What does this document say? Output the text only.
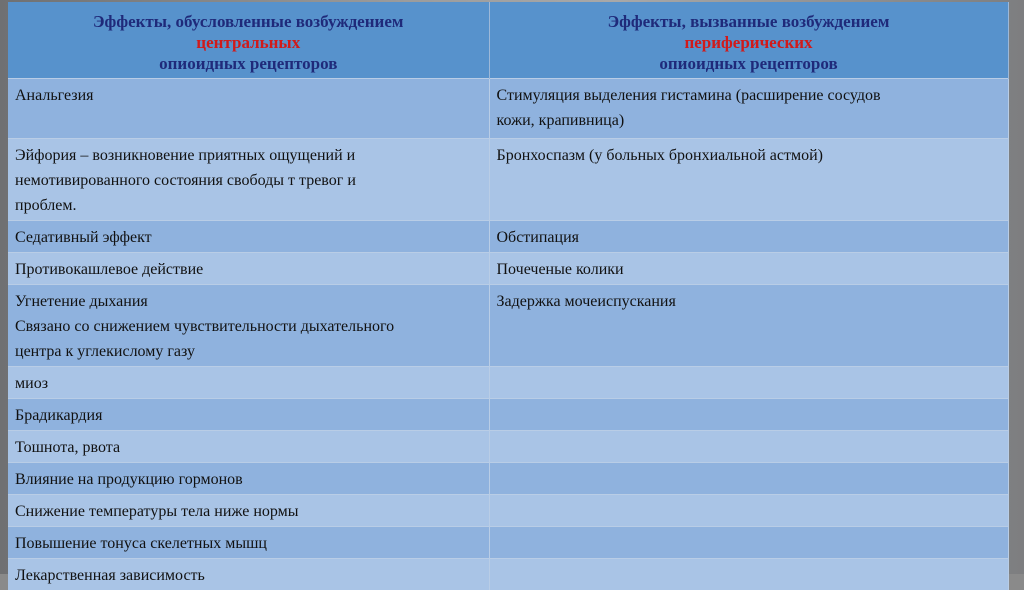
Эффекты, обусловленные возбуждением
центральных
опиоидных рецепторов	Эффекты, вызванные возбуждением
периферических
опиоидных рецепторов

Анальгезия	Стимуляция выделения гистамина (расширение сосудов
кожи, крапивница)

Эйфория – возникновение приятных ощущений и
немотивированного состояния свободы т тревог и
проблем.	Бронхоспазм (у больных бронхиальной астмой)

Седативный эффект	Обстипация

Противокашлевое действие	Почеченые колики

Угнетение дыхания
Связано со снижением чувствительности дыхательного
центра к углекислому газу	Задержка мочеиспускания

миоз	

Брадикардия	

Тошнота, рвота	

Влияние на продукцию гормонов	

Снижение температуры тела ниже нормы	

Повышение тонуса скелетных мышц	

Лекарственная зависимость	
